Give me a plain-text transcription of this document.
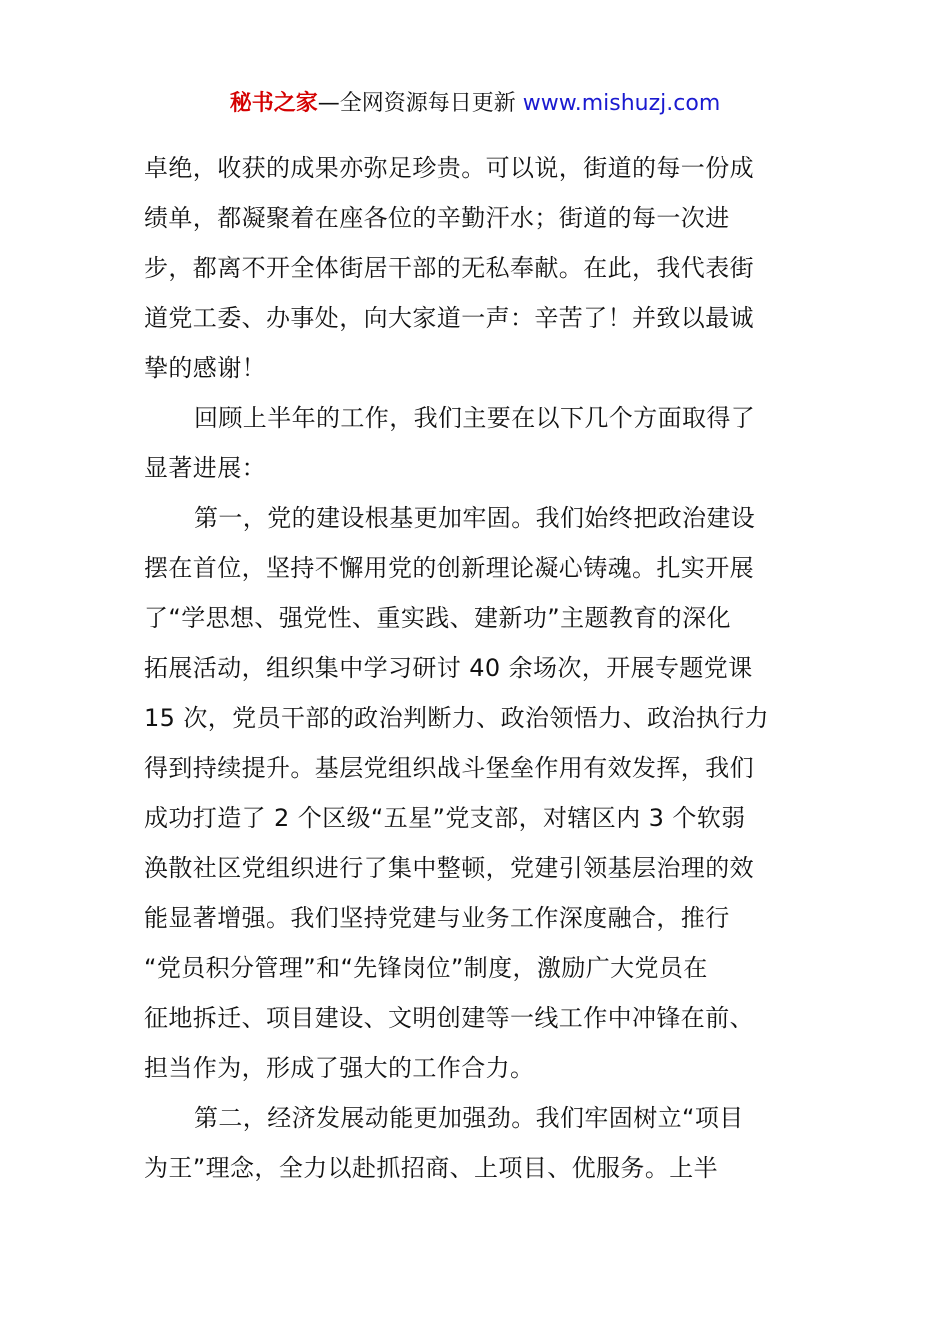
秘书之家—全网资源每日更新 www.mishuzj.com
卓绝，收获的成果亦弥足珍贵。可以说，街道的每一份成
绩单，都凝聚着在座各位的辛勤汗水；街道的每一次进
步，都离不开全体街居干部的无私奉献。在此，我代表街
道党工委、办事处，向大家道一声：辛苦了！并致以最诚
挚的感谢！
回顾上半年的工作，我们主要在以下几个方面取得了
显著进展：
第一，党的建设根基更加牢固。我们始终把政治建设
摆在首位，坚持不懈用党的创新理论凝心铸魂。扎实开展
了“学思想、强党性、重实践、建新功”主题教育的深化
拓展活动，组织集中学习研讨 40 余场次，开展专题党课
15 次，党员干部的政治判断力、政治领悟力、政治执行力
得到持续提升。基层党组织战斗堡垒作用有效发挥，我们
成功打造了 2 个区级“五星”党支部，对辖区内 3 个软弱
涣散社区党组织进行了集中整顿，党建引领基层治理的效
能显著增强。我们坚持党建与业务工作深度融合，推行
“党员积分管理”和“先锋岗位”制度，激励广大党员在
征地拆迁、项目建设、文明创建等一线工作中冲锋在前、
担当作为，形成了强大的工作合力。
第二，经济发展动能更加强劲。我们牢固树立“项目
为王”理念，全力以赴抓招商、上项目、优服务。上半
